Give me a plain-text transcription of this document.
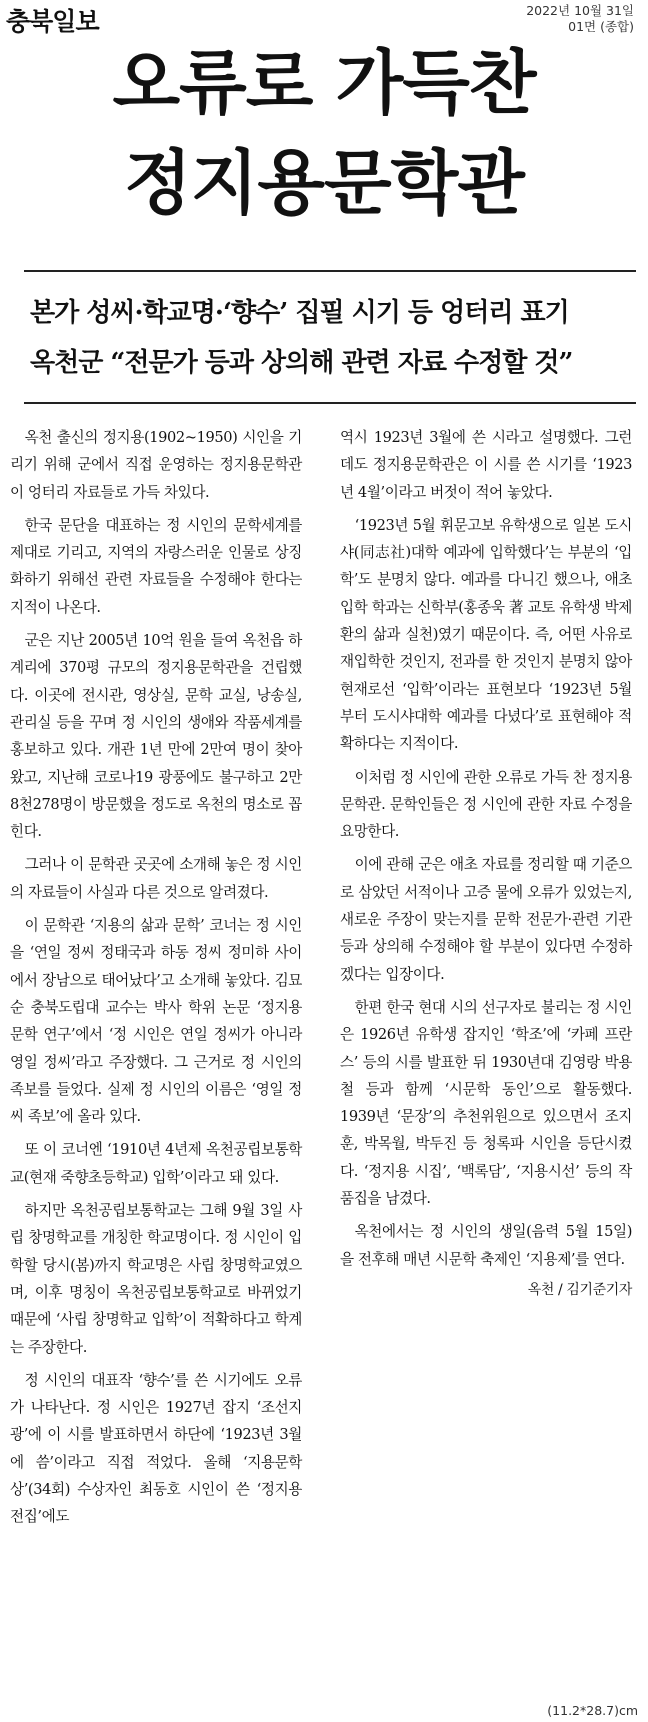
충북일보	2022년 10월 31일
01면 (종합)
오류로 가득찬
정지용문학관
본가 성씨·학교명·‘향수’ 집필 시기 등 엉터리 표기
옥천군 “전문가 등과 상의해 관련 자료 수정할 것”

옥천 출신의 정지용(1902~1950) 시인을 기리기 위해 군에서 직접 운영하는 정지용문학관이 엉터리 자료들로 가득 차있다.

한국 문단을 대표하는 정 시인의 문학세계를 제대로 기리고, 지역의 자랑스러운 인물로 상징화하기 위해선 관련 자료들을 수정해야 한다는 지적이 나온다.

군은 지난 2005년 10억 원을 들여 옥천읍 하계리에 370평 규모의 정지용문학관을 건립했다. 이곳에 전시관, 영상실, 문학 교실, 낭송실, 관리실 등을 꾸며 정 시인의 생애와 작품세계를 홍보하고 있다. 개관 1년 만에 2만여 명이 찾아왔고, 지난해 코로나19 광풍에도 불구하고 2만8천278명이 방문했을 정도로 옥천의 명소로 꼽힌다.

그러나 이 문학관 곳곳에 소개해 놓은 정 시인의 자료들이 사실과 다른 것으로 알려졌다.

이 문학관 ‘지용의 삶과 문학’ 코너는 정 시인을 ‘연일 정씨 정태국과 하동 정씨 정미하 사이에서 장남으로 태어났다’고 소개해 놓았다. 김묘순 충북도립대 교수는 박사 학위 논문 ‘정지용 문학 연구’에서 ‘정 시인은 연일 정씨가 아니라 영일 정씨’라고 주장했다. 그 근거로 정 시인의 족보를 들었다. 실제 정 시인의 이름은 ‘영일 정씨 족보’에 올라 있다.

또 이 코너엔 ‘1910년 4년제 옥천공립보통학교(현재 죽향초등학교) 입학’이라고 돼 있다.

하지만 옥천공립보통학교는 그해 9월 3일 사립 창명학교를 개칭한 학교명이다. 정 시인이 입학할 당시(봄)까지 학교명은 사립 창명학교였으며, 이후 명칭이 옥천공립보통학교로 바뀌었기 때문에 ‘사립 창명학교 입학’이 적확하다고 학계는 주장한다.

정 시인의 대표작 ‘향수’를 쓴 시기에도 오류가 나타난다. 정 시인은 1927년 잡지 ‘조선지광’에 이 시를 발표하면서 하단에 ‘1923년 3월에 씀’이라고 직접 적었다. 올해 ‘지용문학상’(34회) 수상자인 최동호 시인이 쓴 ‘정지용 전집’에도

역시 1923년 3월에 쓴 시라고 설명했다. 그런데도 정지용문학관은 이 시를 쓴 시기를 ‘1923년 4월’이라고 버젓이 적어 놓았다.

‘1923년 5월 휘문고보 유학생으로 일본 도시샤(同志社)대학 예과에 입학했다’는 부분의 ‘입학’도 분명치 않다. 예과를 다니긴 했으나, 애초 입학 학과는 신학부(홍종욱 著 교토 유학생 박제환의 삶과 실천)였기 때문이다. 즉, 어떤 사유로 재입학한 것인지, 전과를 한 것인지 분명치 않아 현재로선 ‘입학’이라는 표현보다 ‘1923년 5월부터 도시샤대학 예과를 다녔다’로 표현해야 적확하다는 지적이다.

이처럼 정 시인에 관한 오류로 가득 찬 정지용문학관. 문학인들은 정 시인에 관한 자료 수정을 요망한다.

이에 관해 군은 애초 자료를 정리할 때 기준으로 삼았던 서적이나 고증 물에 오류가 있었는지, 새로운 주장이 맞는지를 문학 전문가·관련 기관 등과 상의해 수정해야 할 부분이 있다면 수정하겠다는 입장이다.

한편 한국 현대 시의 선구자로 불리는 정 시인은 1926년 유학생 잡지인 ‘학조’에 ‘카페 프란스’ 등의 시를 발표한 뒤 1930년대 김영랑 박용철 등과 함께 ‘시문학 동인’으로 활동했다. 1939년 ‘문장’의 추천위원으로 있으면서 조지훈, 박목월, 박두진 등 청록파 시인을 등단시켰다. ‘정지용 시집’, ‘백록담’, ‘지용시선’ 등의 작품집을 남겼다.

옥천에서는 정 시인의 생일(음력 5월 15일)을 전후해 매년 시문학 축제인 ‘지용제’를 연다.

옥천 / 김기준기자
(11.2*28.7)cm
